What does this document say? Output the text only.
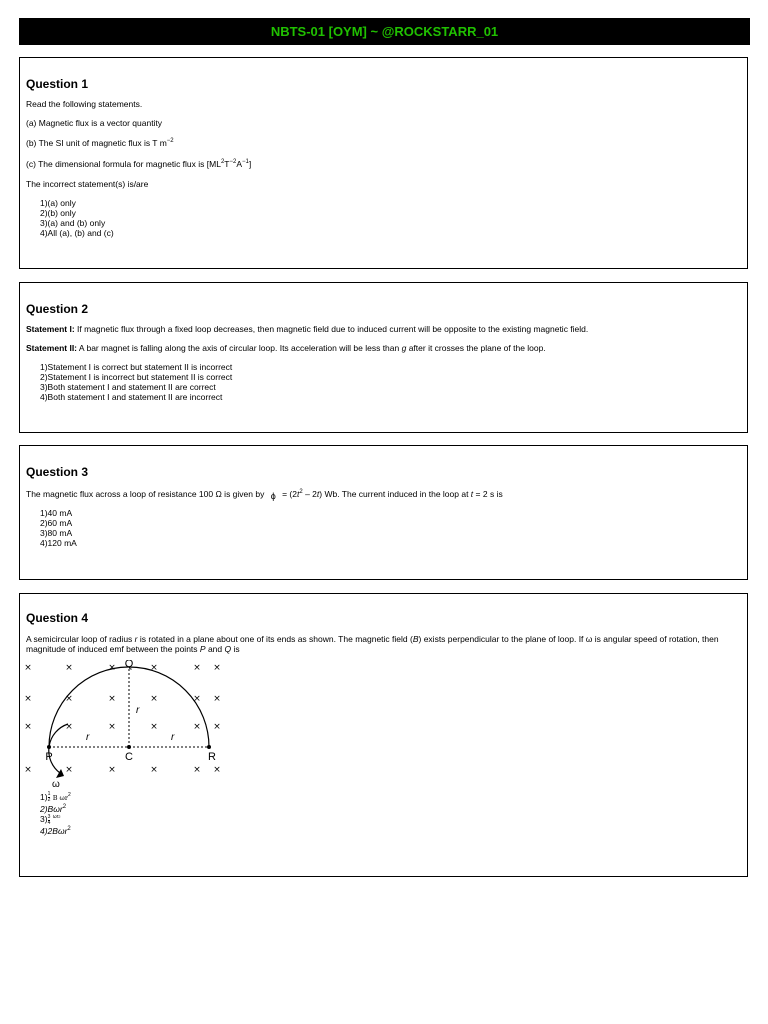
NBTS-01 [OYM] ~ @ROCKSTARR_01
Question 1
Read the following statements.
(a) Magnetic flux is a vector quantity
(b) The SI unit of magnetic flux is T $m^{-2}$
(c) The dimensional formula for magnetic flux is $[ML^2T^{-2}A^{-1}]$
The incorrect statement(s) is/are
1)(a) only
2)(b) only
3)(a) and (b) only
4)All (a), (b) and (c)
Question 2
Statement I: If magnetic flux through a fixed loop decreases, then magnetic field due to induced current will be opposite to the existing magnetic field.
Statement II: A bar magnet is falling along the axis of circular loop. Its acceleration will be less than g after it crosses the plane of the loop.
1)Statement I is correct but statement II is incorrect
2)Statement I is incorrect but statement II is correct
3)Both statement I and statement II are correct
4)Both statement I and statement II are incorrect
Question 3
The magnetic flux across a loop of resistance 100 Ω is given by $\phi = (2t^2 - 2t)$ Wb. The current induced in the loop at t = 2 s is
1)40 mA
2)60 mA
3)80 mA
4)120 mA
Question 4
A semicircular loop of radius r is rotated in a plane about one of its ends as shown. The magnetic field (B) exists perpendicular to the plane of loop. If ω is angular speed of rotation, then magnitude of induced emf between the points P and Q is
×	×	×	×	× ×
×	×	×	×	× ×
×	×	×	×	× ×
×	×	×	×	× ×
Q
P	C	R
r
r	r
ω
$1) \frac{1}{2}$ B $\omega r^2$
2)Bωr$^2$
$3) \frac{3}{4} ^{\omega r2}$
4)2Bωr$^2$
